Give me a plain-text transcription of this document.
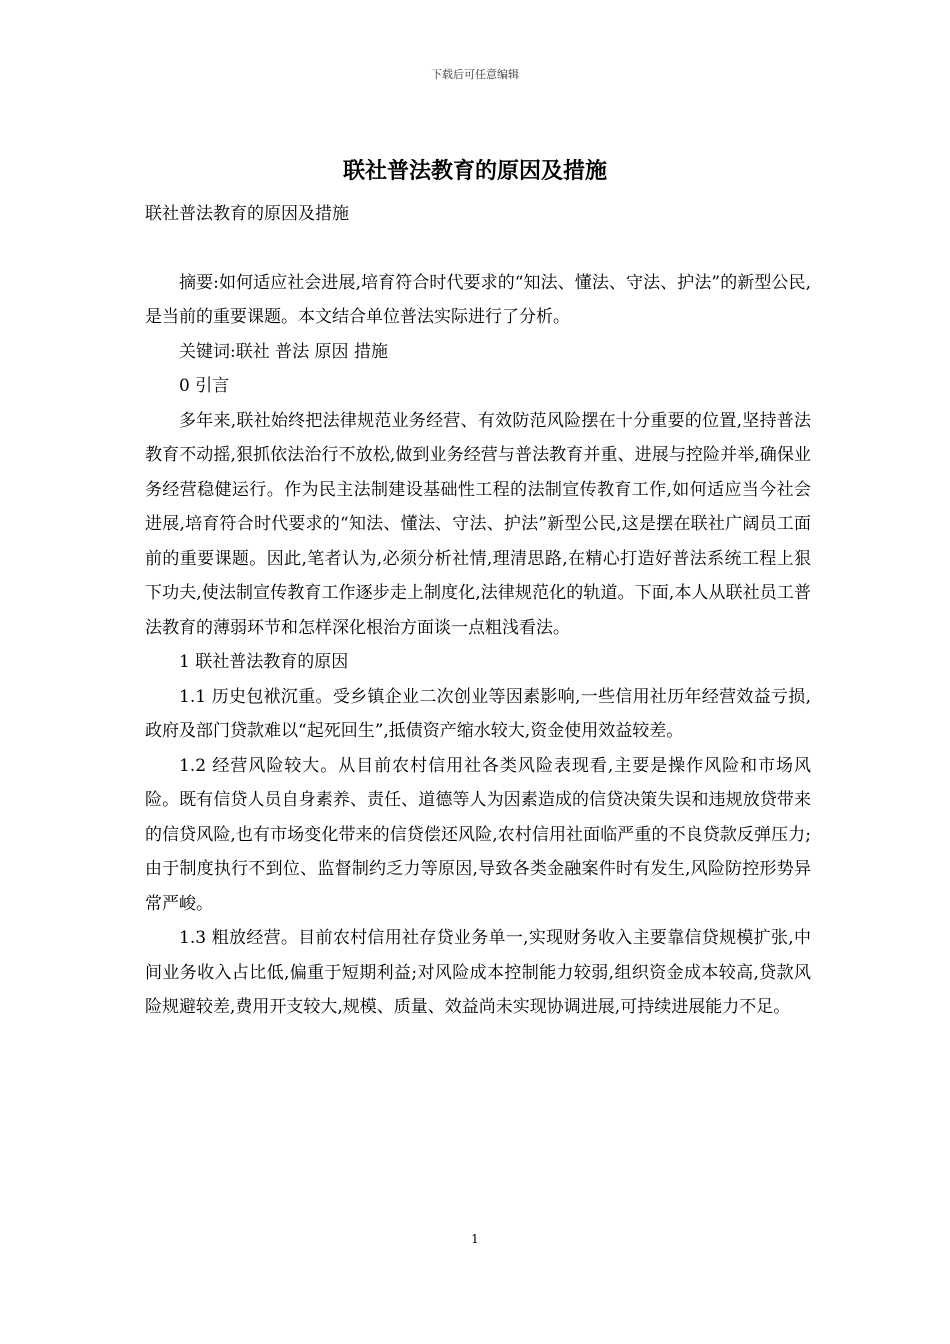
下载后可任意编辑
联社普法教育的原因及措施

联社普法教育的原因及措施

摘要:如何适应社会进展,培育符合时代要求的“知法、懂法、守法、护法”的新型公民,是当前的重要课题。本文结合单位普法实际进行了分析。

关键词:联社 普法 原因 措施

0 引言

多年来,联社始终把法律规范业务经营、有效防范风险摆在十分重要的位置,坚持普法教育不动摇,狠抓依法治行不放松,做到业务经营与普法教育并重、进展与控险并举,确保业务经营稳健运行。作为民主法制建设基础性工程的法制宣传教育工作,如何适应当今社会进展,培育符合时代要求的“知法、懂法、守法、护法”新型公民,这是摆在联社广阔员工面前的重要课题。因此,笔者认为,必须分析社情,理清思路,在精心打造好普法系统工程上狠下功夫,使法制宣传教育工作逐步走上制度化,法律规范化的轨道。下面,本人从联社员工普法教育的薄弱环节和怎样深化根治方面谈一点粗浅看法。

1 联社普法教育的原因

1.1 历史包袱沉重。受乡镇企业二次创业等因素影响,一些信用社历年经营效益亏损,政府及部门贷款难以“起死回生”,抵债资产缩水较大,资金使用效益较差。

1.2 经营风险较大。从目前农村信用社各类风险表现看,主要是操作风险和市场风险。既有信贷人员自身素养、责任、道德等人为因素造成的信贷决策失误和违规放贷带来的信贷风险,也有市场变化带来的信贷偿还风险,农村信用社面临严重的不良贷款反弹压力;由于制度执行不到位、监督制约乏力等原因,导致各类金融案件时有发生,风险防控形势异常严峻。

1.3 粗放经营。目前农村信用社存贷业务单一,实现财务收入主要靠信贷规模扩张,中间业务收入占比低,偏重于短期利益;对风险成本控制能力较弱,组织资金成本较高,贷款风险规避较差,费用开支较大,规模、质量、效益尚未实现协调进展,可持续进展能力不足。

1
